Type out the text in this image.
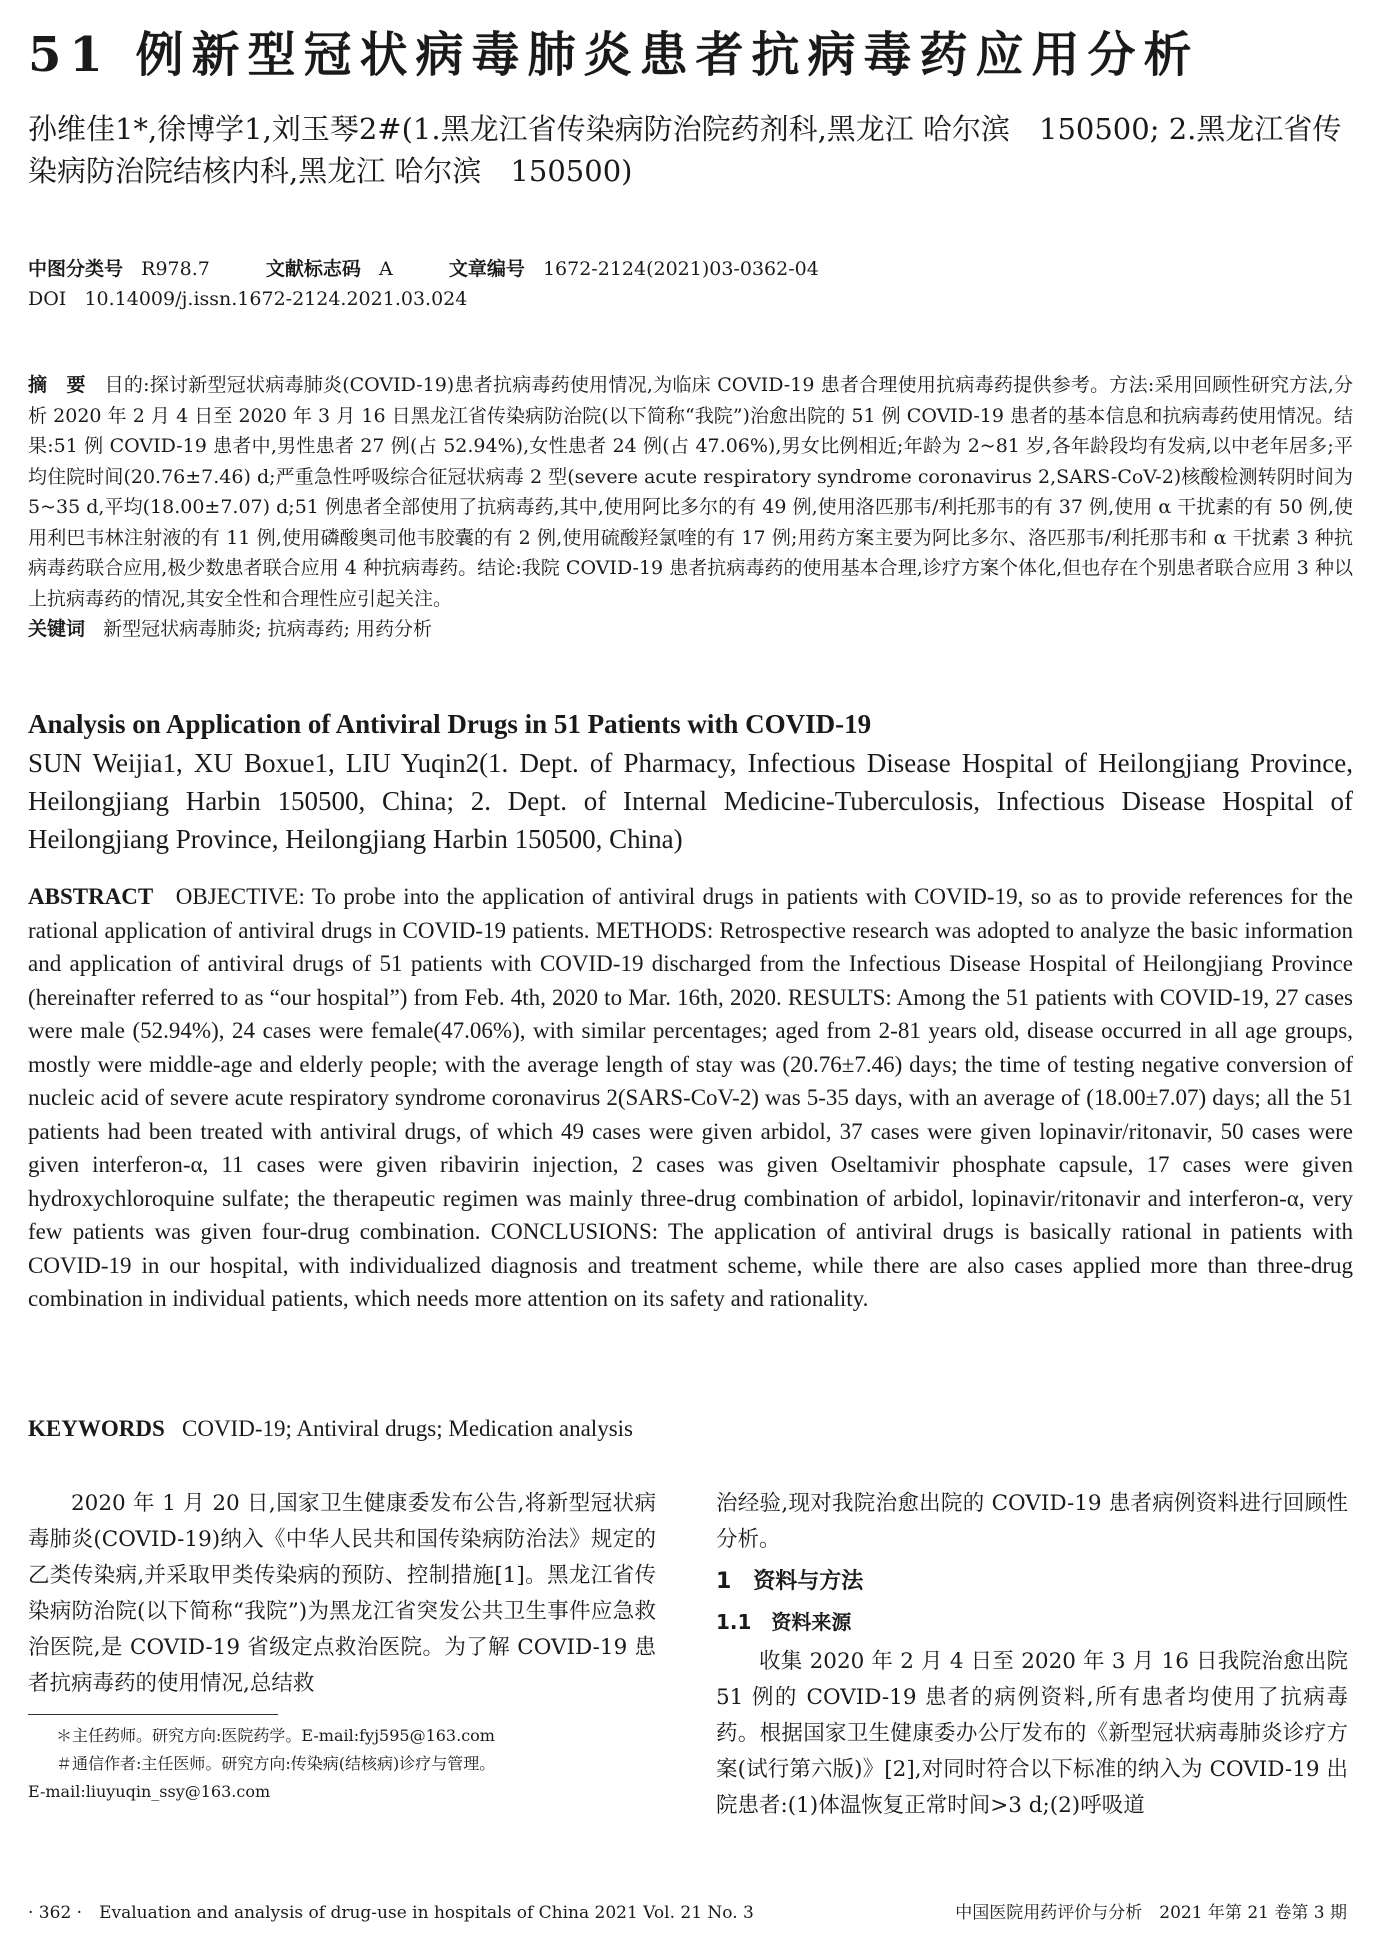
51 例新型冠状病毒肺炎患者抗病毒药应用分析
孙维佳1*,徐博学1,刘玉琴2#(1.黑龙江省传染病防治院药剂科,黑龙江 哈尔滨　150500; 2.黑龙江省传染病防治院结核内科,黑龙江 哈尔滨　150500)
中图分类号 R978.7	文献标志码 A	文章编号 1672-2124(2021)03-0362-04
DOI 10.14009/j.issn.1672-2124.2021.03.024
摘　要 目的:探讨新型冠状病毒肺炎(COVID-19)患者抗病毒药使用情况,为临床 COVID-19 患者合理使用抗病毒药提供参考。方法:采用回顾性研究方法,分析 2020 年 2 月 4 日至 2020 年 3 月 16 日黑龙江省传染病防治院(以下简称“我院”)治愈出院的 51 例 COVID-19 患者的基本信息和抗病毒药使用情况。结果:51 例 COVID-19 患者中,男性患者 27 例(占 52.94%),女性患者 24 例(占 47.06%),男女比例相近;年龄为 2~81 岁,各年龄段均有发病,以中老年居多;平均住院时间(20.76±7.46) d;严重急性呼吸综合征冠状病毒 2 型(severe acute respiratory syndrome coronavirus 2,SARS-CoV-2)核酸检测转阴时间为 5~35 d,平均(18.00±7.07) d;51 例患者全部使用了抗病毒药,其中,使用阿比多尔的有 49 例,使用洛匹那韦/利托那韦的有 37 例,使用 α 干扰素的有 50 例,使用利巴韦林注射液的有 11 例,使用磷酸奥司他韦胶囊的有 2 例,使用硫酸羟氯喹的有 17 例;用药方案主要为阿比多尔、洛匹那韦/利托那韦和 α 干扰素 3 种抗病毒药联合应用,极少数患者联合应用 4 种抗病毒药。结论:我院 COVID-19 患者抗病毒药的使用基本合理,诊疗方案个体化,但也存在个别患者联合应用 3 种以上抗病毒药的情况,其安全性和合理性应引起关注。
关键词 新型冠状病毒肺炎; 抗病毒药; 用药分析
Analysis on Application of Antiviral Drugs in 51 Patients with COVID-19
SUN Weijia1, XU Boxue1, LIU Yuqin2(1. Dept. of Pharmacy, Infectious Disease Hospital of Heilongjiang Province, Heilongjiang Harbin 150500, China; 2. Dept. of Internal Medicine-Tuberculosis, Infectious Disease Hospital of Heilongjiang Province, Heilongjiang Harbin 150500, China)
ABSTRACT OBJECTIVE: To probe into the application of antiviral drugs in patients with COVID-19, so as to provide references for the rational application of antiviral drugs in COVID-19 patients. METHODS: Retrospective research was adopted to analyze the basic information and application of antiviral drugs of 51 patients with COVID-19 discharged from the Infectious Disease Hospital of Heilongjiang Province (hereinafter referred to as “our hospital”) from Feb. 4th, 2020 to Mar. 16th, 2020. RESULTS: Among the 51 patients with COVID-19, 27 cases were male (52.94%), 24 cases were female(47.06%), with similar percentages; aged from 2-81 years old, disease occurred in all age groups, mostly were middle-age and elderly people; with the average length of stay was (20.76±7.46) days; the time of testing negative conversion of nucleic acid of severe acute respiratory syndrome coronavirus 2(SARS-CoV-2) was 5-35 days, with an average of (18.00±7.07) days; all the 51 patients had been treated with antiviral drugs, of which 49 cases were given arbidol, 37 cases were given lopinavir/ritonavir, 50 cases were given interferon-α, 11 cases were given ribavirin injection, 2 cases was given Oseltamivir phosphate capsule, 17 cases were given hydroxychloroquine sulfate; the therapeutic regimen was mainly three-drug combination of arbidol, lopinavir/ritonavir and interferon-α, very few patients was given four-drug combination. CONCLUSIONS: The application of antiviral drugs is basically rational in patients with COVID-19 in our hospital, with individualized diagnosis and treatment scheme, while there are also cases applied more than three-drug combination in individual patients, which needs more attention on its safety and rationality.
KEYWORDS COVID-19; Antiviral drugs; Medication analysis

2020 年 1 月 20 日,国家卫生健康委发布公告,将新型冠状病毒肺炎(COVID-19)纳入《中华人民共和国传染病防治法》规定的乙类传染病,并采取甲类传染病的预防、控制措施[1]。黑龙江省传染病防治院(以下简称“我院”)为黑龙江省突发公共卫生事件应急救治医院,是 COVID-19 省级定点救治医院。为了解 COVID-19 患者抗病毒药的使用情况,总结救

治经验,现对我院治愈出院的 COVID-19 患者病例资料进行回顾性分析。

1　资料与方法
1.1　资料来源

收集 2020 年 2 月 4 日至 2020 年 3 月 16 日我院治愈出院 51 例的 COVID-19 患者的病例资料,所有患者均使用了抗病毒药。根据国家卫生健康委办公厅发布的《新型冠状病毒肺炎诊疗方案(试行第六版)》[2],对同时符合以下标准的纳入为 COVID-19 出院患者:(1)体温恢复正常时间>3 d;(2)呼吸道

＊主任药师。研究方向:医院药学。E-mail:fyj595@163.com
＃通信作者:主任医师。研究方向:传染病(结核病)诊疗与管理。
E-mail:liuyuqin_ssy@163.com
· 362 ·　Evaluation and analysis of drug-use in hospitals of China 2021 Vol. 21 No. 3	中国医院用药评价与分析　2021 年第 21 卷第 3 期
